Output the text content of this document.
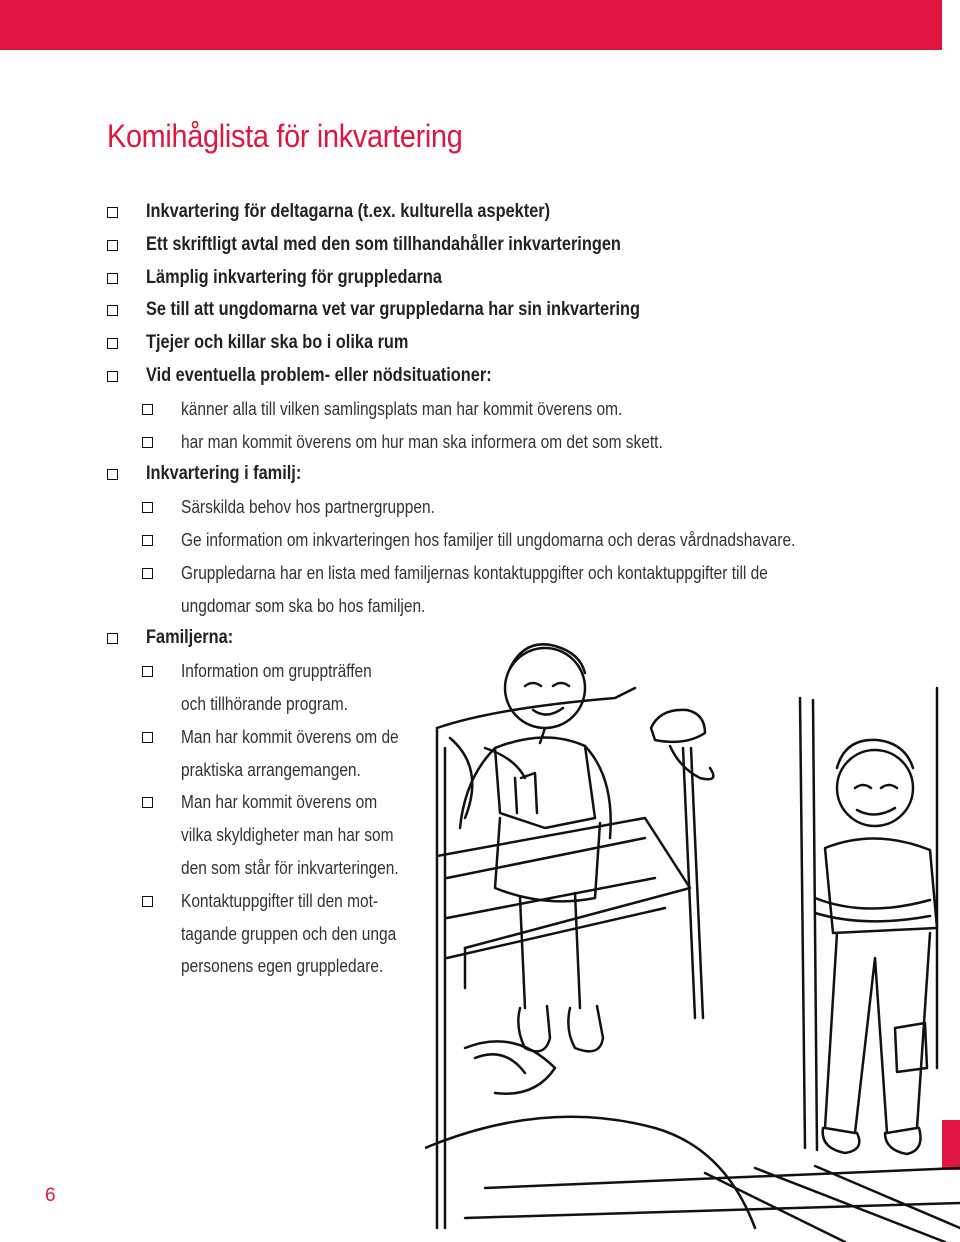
Komihåglista för inkvartering
Inkvartering för deltagarna (t.ex. kulturella aspekter)
Ett skriftligt avtal med den som tillhandahåller inkvarteringen
Lämplig inkvartering för gruppledarna
Se till att ungdomarna vet var gruppledarna har sin inkvartering
Tjejer och killar ska bo i olika rum
Vid eventuella problem- eller nödsituationer:
känner alla till vilken samlingsplats man har kommit överens om.
har man kommit överens om hur man ska informera om det som skett.
Inkvartering i familj:
Särskilda behov hos partnergruppen.
Ge information om inkvarteringen hos familjer till ungdomarna och deras vårdnadshavare.
Gruppledarna har en lista med familjernas kontaktuppgifter och kontaktuppgifter till de
ungdomar som ska bo hos familjen.
Familjerna:
Information om gruppträffen
och tillhörande program.
Man har kommit överens om de
praktiska arrangemangen.
Man har kommit överens om
vilka skyldigheter man har som
den som står för inkvarteringen.
Kontaktuppgifter till den mot-
tagande gruppen och den unga
personens egen gruppledare.
6
